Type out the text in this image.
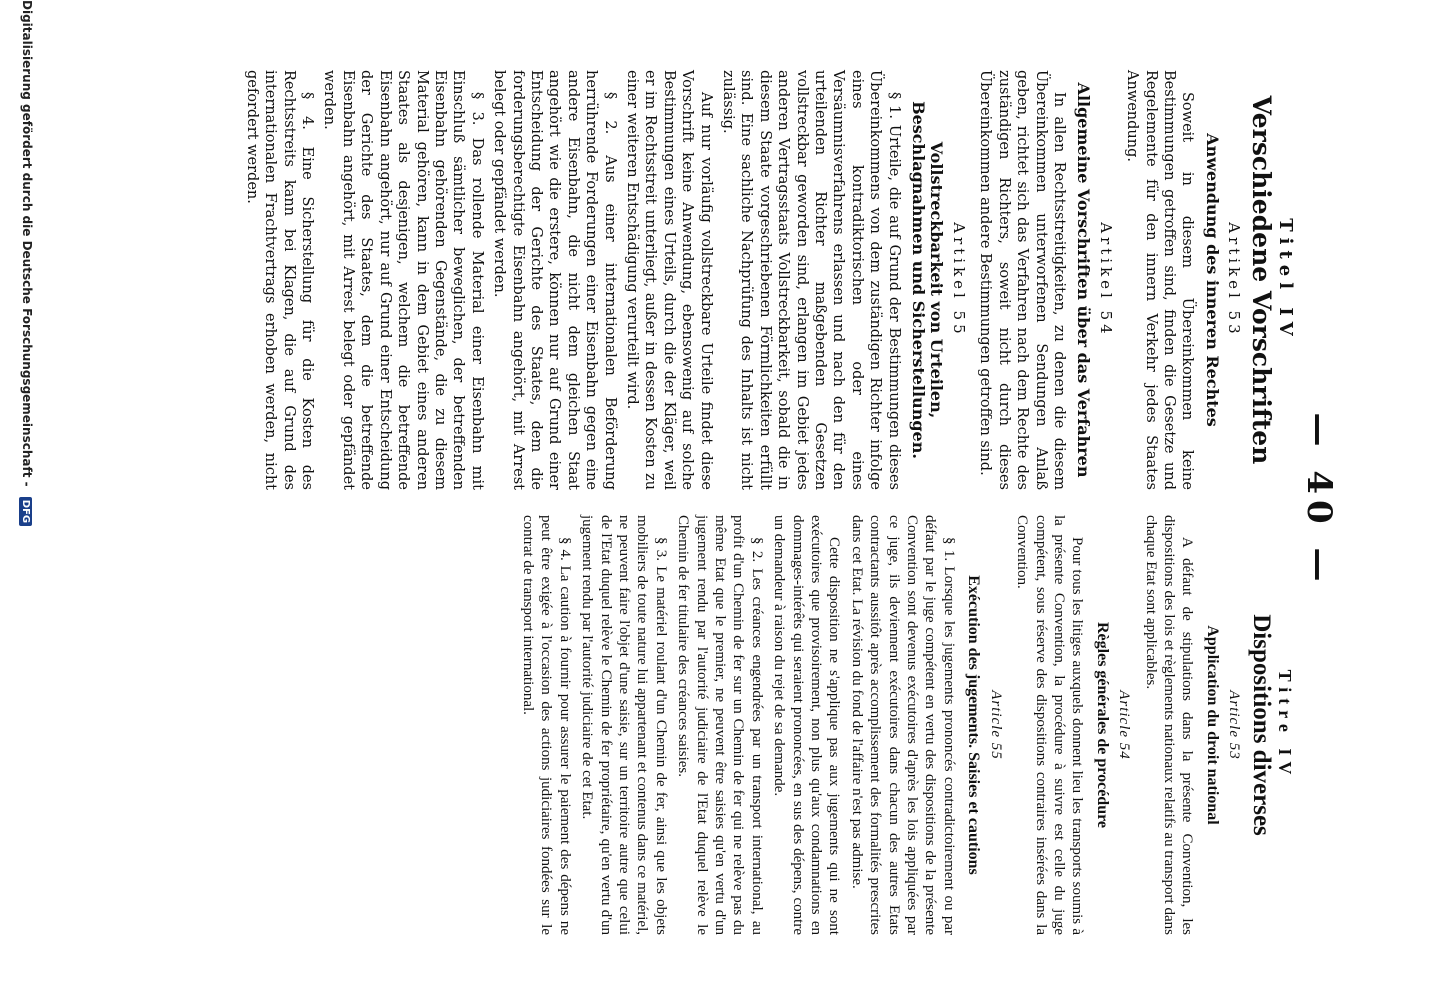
— 40 —
Titel IV
Verschiedene Vorschriften
Artikel 53
Anwendung des inneren Rechtes

Soweit in diesem Übereinkommen keine Bestimmungen getroffen sind, finden die Gesetze und Regelemente für den innern Verkehr jedes Staates Anwendung.

Artikel 54
Allgemeine Vorschriften über das Verfahren

In allen Rechtsstreitigkeiten, zu denen die diesem Übereinkommen unterworfenen Sendungen Anlaß geben, richtet sich das Verfahren nach dem Rechte des zuständigen Richters, soweit nicht durch dieses Übereinkommen andere Bestimmungen getroffen sind.

Artikel 55
Vollstreckbarkeit von Urteilen, Beschlagnahmen und Sicherstellungen.

§ 1. Urteile, die auf Grund der Bestimmungen dieses Übereinkommens von dem zuständigen Richter infolge eines kontradiktorischen oder eines Versäumnisverfahrens erlassen und nach den für den urteilenden Richter maßgebenden Gesetzen vollstreckbar geworden sind, erlangen im Gebiet jedes anderen Vertragsstaats Vollstreckbarkeit, sobald die in diesem Staate vorgeschriebenen Förmlichkeiten erfüllt sind. Eine sachliche Nachprüfung des Inhalts ist nicht zulässig.

Auf nur vorläufig vollstreckbare Urteile findet diese Vorschrift keine Anwendung, ebensowenig auf solche Bestimmungen eines Urteils, durch die der Kläger, weil er im Rechtsstreit unterliegt, außer in dessen Kosten zu einer weiteren Entschädigung verurteilt wird.

§ 2. Aus einer internationalen Beförderung herrührende Forderungen einer Eisenbahn gegen eine andere Eisenbahn, die nicht dem gleichen Staat angehört wie die erstere, können nur auf Grund einer Entscheidung der Gerichte des Staates, dem die forderungsberechtigte Eisenbahn angehört, mit Arrest belegt oder gepfändet werden.

§ 3. Das rollende Material einer Eisenbahn mit Einschluß sämtlicher beweglichen, der betreffenden Eisenbahn gehörenden Gegenstände, die zu diesem Material gehören, kann in dem Gebiet eines anderen Staates als desjenigen, welchem die betreffende Eisenbahn angehört, nur auf Grund einer Entscheidung der Gerichte des Staates, dem die betreffende Eisenbahn angehört, mit Arrest belegt oder gepfändet werden.

§ 4. Eine Sicherstellung für die Kosten des Rechtsstreits kann bei Klagen, die auf Grund des internationalen Frachtvertrags erhoben werden, nicht gefordert werden.

Titre IV
Dispositions diverses
Article 53
Application du droit national

A défaut de stipulations dans la présente Convention, les dispositions des lois et règlements nationaux relatifs au transport dans chaque Etat sont applicables.

Article 54
Règles générales de procédure

Pour tous les litiges auxquels donnent lieu les transports soumis à la présente Convention, la procédure à suivre est celle du juge compétent, sous réserve des dispositions contraires insérées dans la Convention.

Article 55
Exécution des jugements. Saisies et cautions

§ 1. Lorsque les jugements prononcés contradictoirement ou par défaut par le juge compétent en vertu des dispositions de la présente Convention sont devenus exécutoires d'après les lois appliquées par ce juge, ils deviennent exécutoires dans chacun des autres Etats contractants aussitôt après accomplissement des formalités prescrites dans cet Etat. La révision du fond de l'affaire n'est pas admise.

Cette disposition ne s'applique pas aux jugements qui ne sont exécutoires que provisoirement, non plus qu'aux condamnations en dommages-intérêts qui seraient prononcées, en sus des dépens, contre un demandeur à raison du rejet de sa demande.

§ 2. Les créances engendrées par un transport international, au profit d'un Chemin de fer sur un Chemin de fer qui ne relève pas du même Etat que le premier, ne peuvent être saisies qu'en vertu d'un jugement rendu par l'autorité judiciaire de l'Etat duquel relève le Chemin de fer titulaire des créances saisies.

§ 3. Le matériel roulant d'un Chemin de fer, ainsi que les objets mobiliers de toute nature lui appartenant et contenus dans ce matériel, ne peuvent faire l'objet d'une saisie, sur un territoire autre que celui de l'Etat duquel relève le Chemin de fer propriétaire, qu'en vertu d'un jugement rendu par l'autorité judiciaire de cet Etat.

§ 4. La caution à fournir pour assurer le paiement des dépens ne peut être exigée à l'occasion des actions judiciaires fondées sur le contrat de transport international.

Digitalisierung gefördert durch die Deutsche Forschungsgemeinschaft - DFG
